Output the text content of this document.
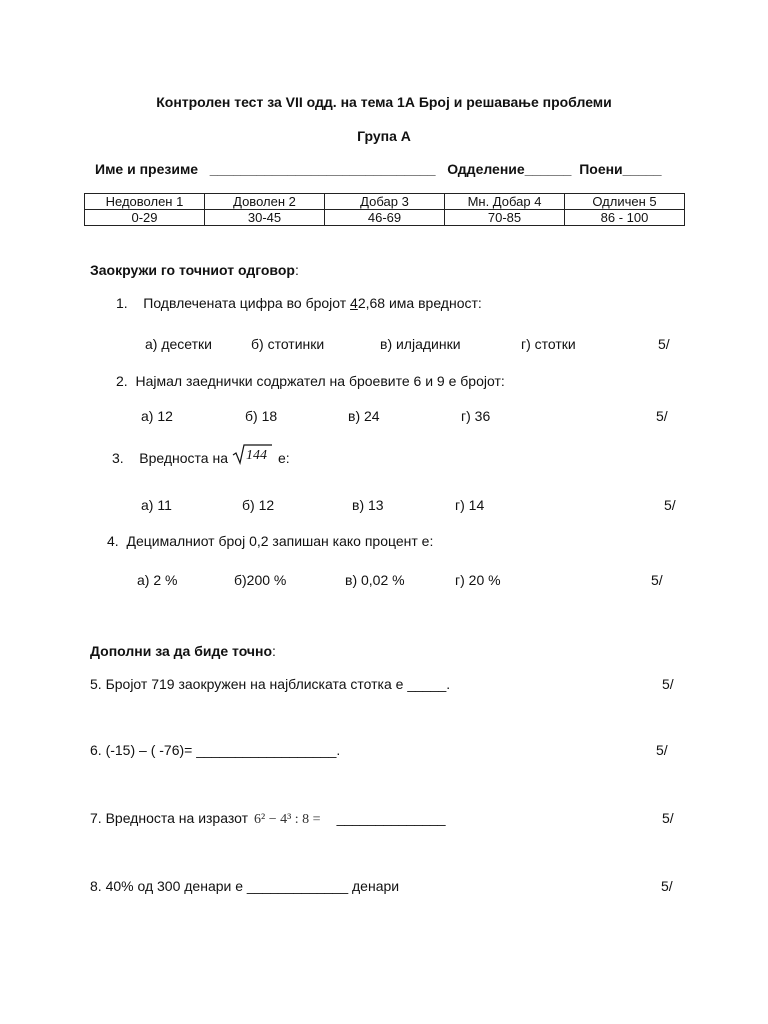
Контролен тест за VII одд. на тема 1А Број и решавање проблеми
Група А
Име и презиме _____________________________ Одделение______ Поени_____
Недоволен 1	Доволен 2	Добар 3	Мн. Добар 4	Одличен 5
0-29	30-45	46-69	70-85	86 - 100
Заокружи го точниот одговор:
1. Подвлечената цифра во бројот 42,68 има вредност:
а) десетки	б) стотинки	в) илјадинки	г) стотки	5/
2. Најмал заеднички содржател на броевите 6 и 9 е бројот:
а) 12	б) 18	в) 24	г) 36	5/
3. Вредноста на 144 е:
а) 11	б) 12	в) 13	г) 14	5/
4. Децималниот број 0,2 запишан како процент е:
а) 2 %	б)200 %	в) 0,02 %	г) 20 %	5/
Дополни за да биде точно:
5. Бројот 719 заокружен на најблиската стотка е _____.	5/
6. (-15) – ( -76)= __________________.	5/
7. Вредноста на изразот 6² − 4³ : 8 = ______________	5/
8. 40% од 300 денари е _____________ денари	5/
